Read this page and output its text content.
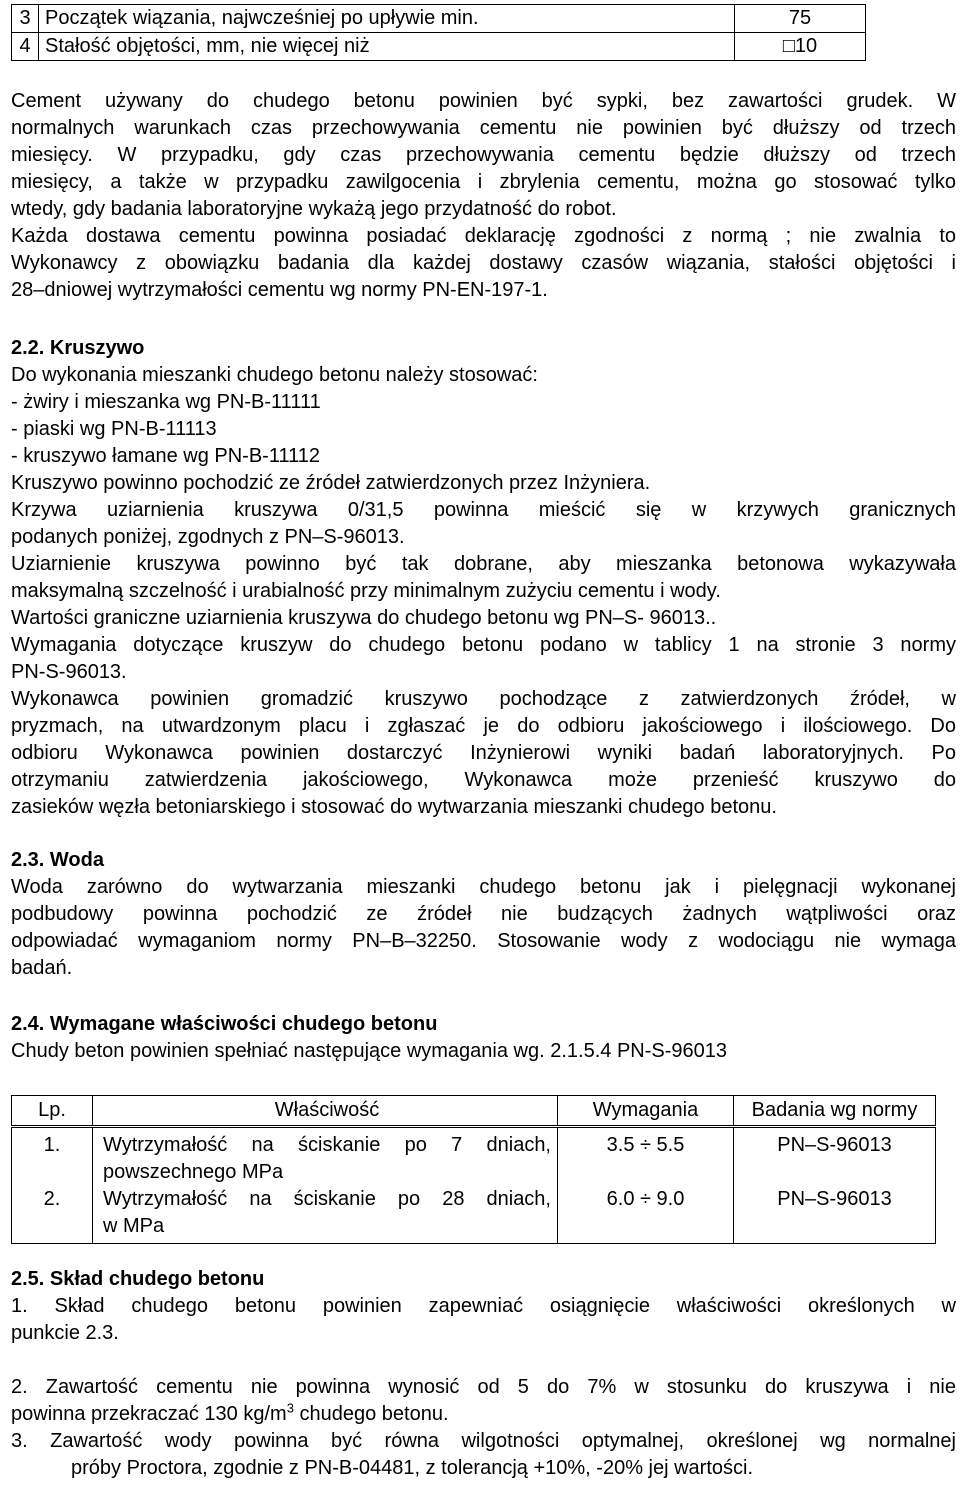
3	Początek wiązania, najwcześniej po upływie min.	75
4	Stałość objętości, mm, nie więcej niż	□10
Cement używany do chudego betonu powinien być sypki, bez zawartości grudek. W
normalnych warunkach czas przechowywania cementu nie powinien być dłuższy od trzech
miesięcy. W przypadku, gdy czas przechowywania cementu będzie dłuższy od trzech
miesięcy, a także w przypadku zawilgocenia i zbrylenia cementu, można go stosować tylko
wtedy, gdy badania laboratoryjne wykażą jego przydatność do robot.
Każda dostawa cementu powinna posiadać deklarację zgodności z normą ; nie zwalnia to
Wykonawcy z obowiązku badania dla każdej dostawy czasów wiązania, stałości objętości i
28–dniowej wytrzymałości cementu wg normy PN-EN-197-1.
2.2. Kruszywo
Do wykonania mieszanki chudego betonu należy stosować:
- żwiry i mieszanka wg PN-B-11111
- piaski wg PN-B-11113
- kruszywo łamane wg PN-B-11112
Kruszywo powinno pochodzić ze źródeł zatwierdzonych przez Inżyniera.
Krzywa uziarnienia kruszywa 0/31,5 powinna mieścić się w krzywych granicznych
podanych poniżej, zgodnych z PN–S-96013.
Uziarnienie kruszywa powinno być tak dobrane, aby mieszanka betonowa wykazywała
maksymalną szczelność i urabialność przy minimalnym zużyciu cementu i wody.
Wartości graniczne uziarnienia kruszywa do chudego betonu wg PN–S- 96013..
Wymagania dotyczące kruszyw do chudego betonu podano w tablicy 1 na stronie 3 normy
PN-S-96013.
Wykonawca powinien gromadzić kruszywo pochodzące z zatwierdzonych źródeł, w
pryzmach, na utwardzonym placu i zgłaszać je do odbioru jakościowego i ilościowego. Do
odbioru Wykonawca powinien dostarczyć Inżynierowi wyniki badań laboratoryjnych. Po
otrzymaniu zatwierdzenia jakościowego, Wykonawca może przenieść kruszywo do
zasieków węzła betoniarskiego i stosować do wytwarzania mieszanki chudego betonu.
2.3. Woda
Woda zarówno do wytwarzania mieszanki chudego betonu jak i pielęgnacji wykonanej
podbudowy powinna pochodzić ze źródeł nie budzących żadnych wątpliwości oraz
odpowiadać wymaganiom normy PN–B–32250. Stosowanie wody z wodociągu nie wymaga
badań.
2.4. Wymagane właściwości chudego betonu
Chudy beton powinien spełniać następujące wymagania wg. 2.1.5.4 PN-S-96013
Lp.	Właściwość	Wymagania	Badania wg normy

1.	Wytrzymałość na ściskanie po 7 dniach,
powszechnego MPa	3.5 ÷ 5.5	PN–S-96013
2.	Wytrzymałość na ściskanie po 28 dniach,
w MPa	6.0 ÷ 9.0	PN–S-96013
2.5. Skład chudego betonu
1. Skład chudego betonu powinien zapewniać osiągnięcie właściwości określonych w
punkcie 2.3.
2. Zawartość cementu nie powinna wynosić od 5 do 7% w stosunku do kruszywa i nie
powinna przekraczać 130 $kg/m^3$ chudego betonu.
3. Zawartość wody powinna być równa wilgotności optymalnej, określonej wg normalnej
próby Proctora, zgodnie z PN-B-04481, z tolerancją +10%, -20% jej wartości.
